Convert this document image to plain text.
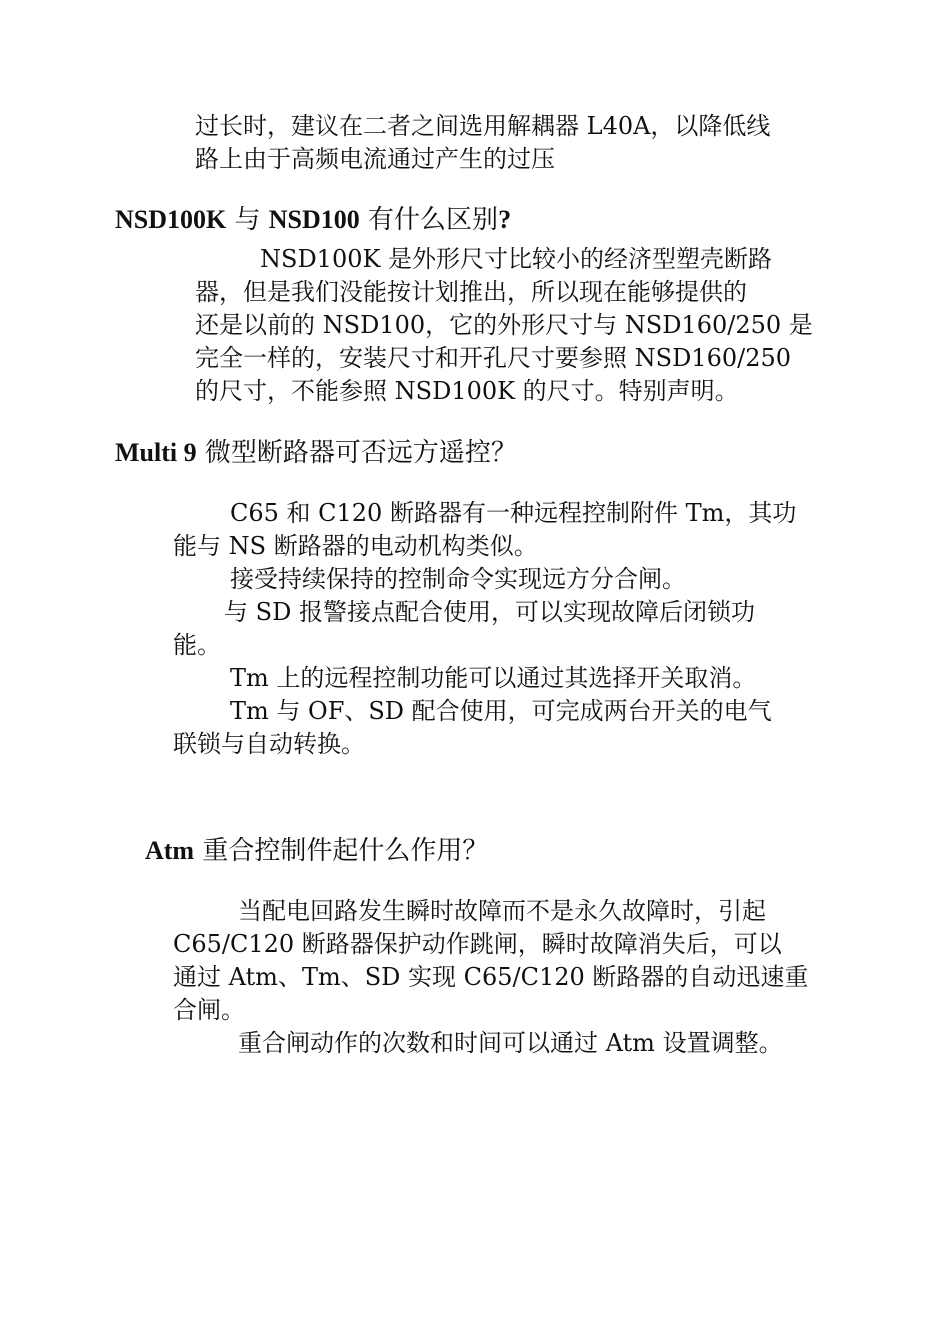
过长时，建议在二者之间选用解耦器 L40A，以降低线
路上由于高频电流通过产生的过压
NSD100K 与 NSD100 有什么区别?
NSD100K 是外形尺寸比较小的经济型塑壳断路
器，但是我们没能按计划推出，所以现在能够提供的
还是以前的 NSD100，它的外形尺寸与 NSD160/250 是
完全一样的，安装尺寸和开孔尺寸要参照 NSD160/250
的尺寸，不能参照 NSD100K 的尺寸。特别声明。
Multi 9 微型断路器可否远方遥控？
C65 和 C120 断路器有一种远程控制附件 Tm，其功
能与 NS 断路器的电动机构类似。
接受持续保持的控制命令实现远方分合闸。
与 SD 报警接点配合使用，可以实现故障后闭锁功
能。
Tm 上的远程控制功能可以通过其选择开关取消。
Tm 与 OF、SD 配合使用，可完成两台开关的电气
联锁与自动转换。
Atm 重合控制件起什么作用？
当配电回路发生瞬时故障而不是永久故障时，引起
C65/C120 断路器保护动作跳闸，瞬时故障消失后，可以
通过 Atm、Tm、SD 实现 C65/C120 断路器的自动迅速重
合闸。
重合闸动作的次数和时间可以通过 Atm 设置调整。
